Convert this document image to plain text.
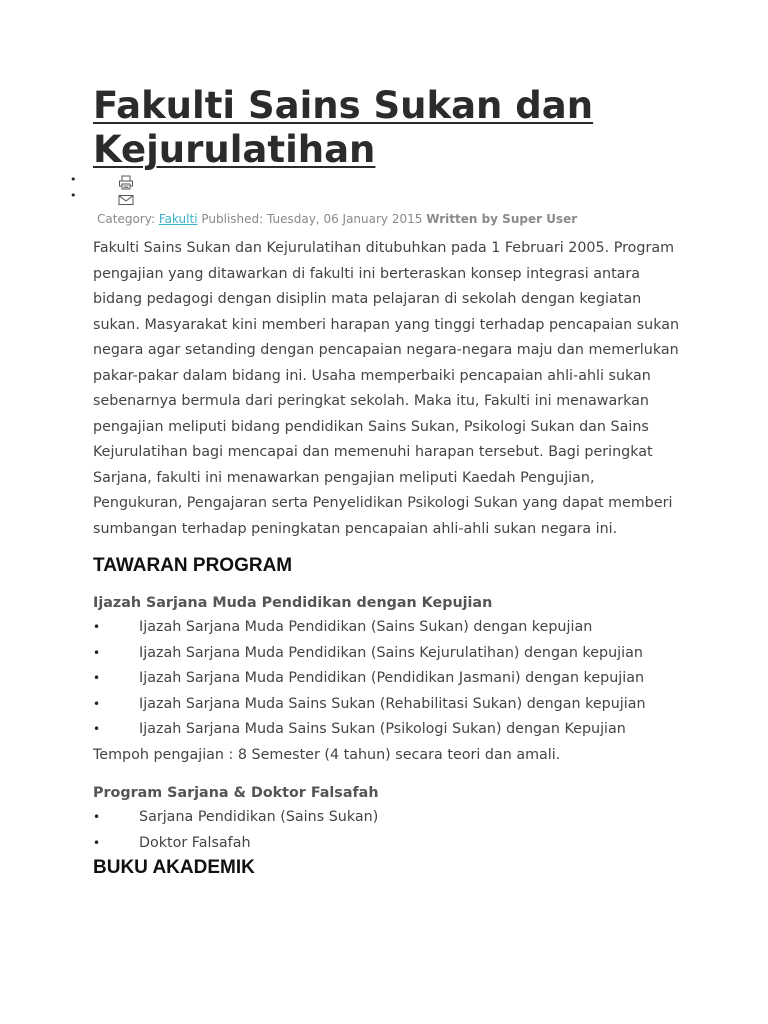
Fakulti Sains Sukan dan Kejurulatihan
•
•
Category: Fakulti Published: Tuesday, 06 January 2015 Written by Super User

Fakulti Sains Sukan dan Kejurulatihan ditubuhkan pada 1 Februari 2005. Program pengajian yang ditawarkan di fakulti ini berteraskan konsep integrasi antara bidang pedagogi dengan disiplin mata pelajaran di sekolah dengan kegiatan sukan. Masyarakat kini memberi harapan yang tinggi terhadap pencapaian sukan negara agar setanding dengan pencapaian negara-negara maju dan memerlukan pakar-pakar dalam bidang ini. Usaha memperbaiki pencapaian ahli-ahli sukan sebenarnya bermula dari peringkat sekolah. Maka itu, Fakulti ini menawarkan pengajian meliputi bidang pendidikan Sains Sukan, Psikologi Sukan dan Sains Kejurulatihan bagi mencapai dan memenuhi harapan tersebut. Bagi peringkat Sarjana, fakulti ini menawarkan pengajian meliputi Kaedah Pengujian, Pengukuran, Pengajaran serta Penyelidikan Psikologi Sukan yang dapat memberi sumbangan terhadap peningkatan pencapaian ahli-ahli sukan negara ini.

TAWARAN PROGRAM
Ijazah Sarjana Muda Pendidikan dengan Kepujian
• Ijazah Sarjana Muda Pendidikan (Sains Sukan) dengan kepujian
• Ijazah Sarjana Muda Pendidikan (Sains Kejurulatihan) dengan kepujian
• Ijazah Sarjana Muda Pendidikan (Pendidikan Jasmani) dengan kepujian
• Ijazah Sarjana Muda Sains Sukan (Rehabilitasi Sukan) dengan kepujian
• Ijazah Sarjana Muda Sains Sukan (Psikologi Sukan) dengan Kepujian

Tempoh pengajian : 8 Semester (4 tahun) secara teori dan amali.

Program Sarjana & Doktor Falsafah
• Sarjana Pendidikan (Sains Sukan)
• Doktor Falsafah
BUKU AKADEMIK
